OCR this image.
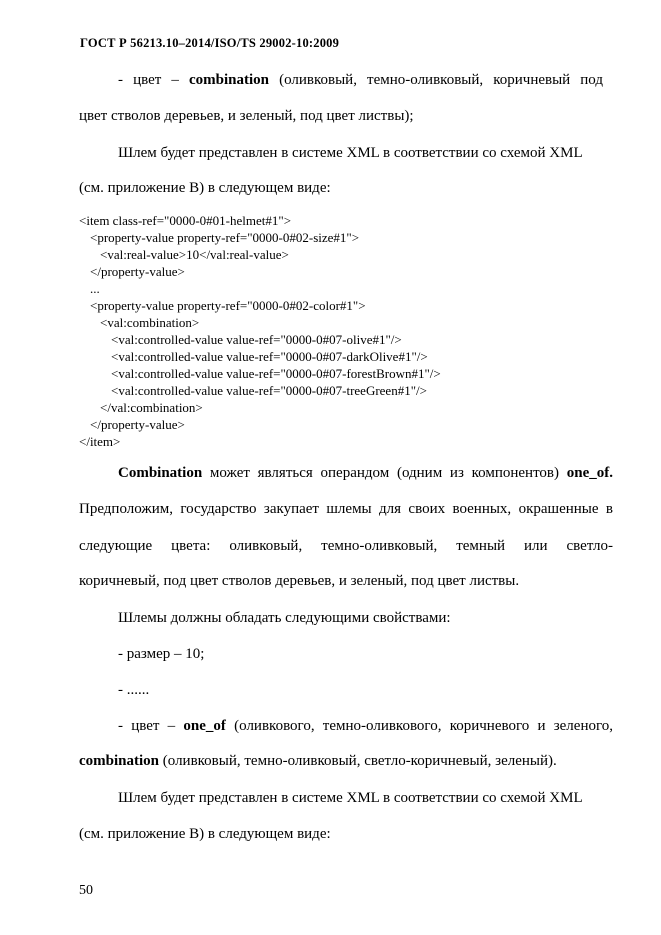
ГОСТ Р 56213.10–2014/ISO/TS 29002-10:2009
- цвет – combination (оливковый, темно-оливковый, коричневый под
цвет стволов деревьев, и зеленый, под цвет листвы);
Шлем будет представлен в системе XML в соответствии со схемой XML
(см. приложение В) в следующем виде:
<item class-ref="0000-0#01-helmet#1">
<property-value property-ref="0000-0#02-size#1">
<val:real-value>10</val:real-value>
</property-value>
...
<property-value property-ref="0000-0#02-color#1">
<val:combination>
<val:controlled-value value-ref="0000-0#07-olive#1"/>
<val:controlled-value value-ref="0000-0#07-darkOlive#1"/>
<val:controlled-value value-ref="0000-0#07-forestBrown#1"/>
<val:controlled-value value-ref="0000-0#07-treeGreen#1"/>
</val:combination>
</property-value>
</item>
Combination может являться операндом (одним из компонентов) one_of.
Предположим, государство закупает шлемы для своих военных, окрашенные в
следующие цвета: оливковый, темно-оливковый, темный или светло-
коричневый, под цвет стволов деревьев, и зеленый, под цвет листвы.
Шлемы должны обладать следующими свойствами:
- размер – 10;
- ......
- цвет – one_of (оливкового, темно-оливкового, коричневого и зеленого,
combination (оливковый, темно-оливковый, светло-коричневый, зеленый).
Шлем будет представлен в системе XML в соответствии со схемой XML
(см. приложение В) в следующем виде:
50
